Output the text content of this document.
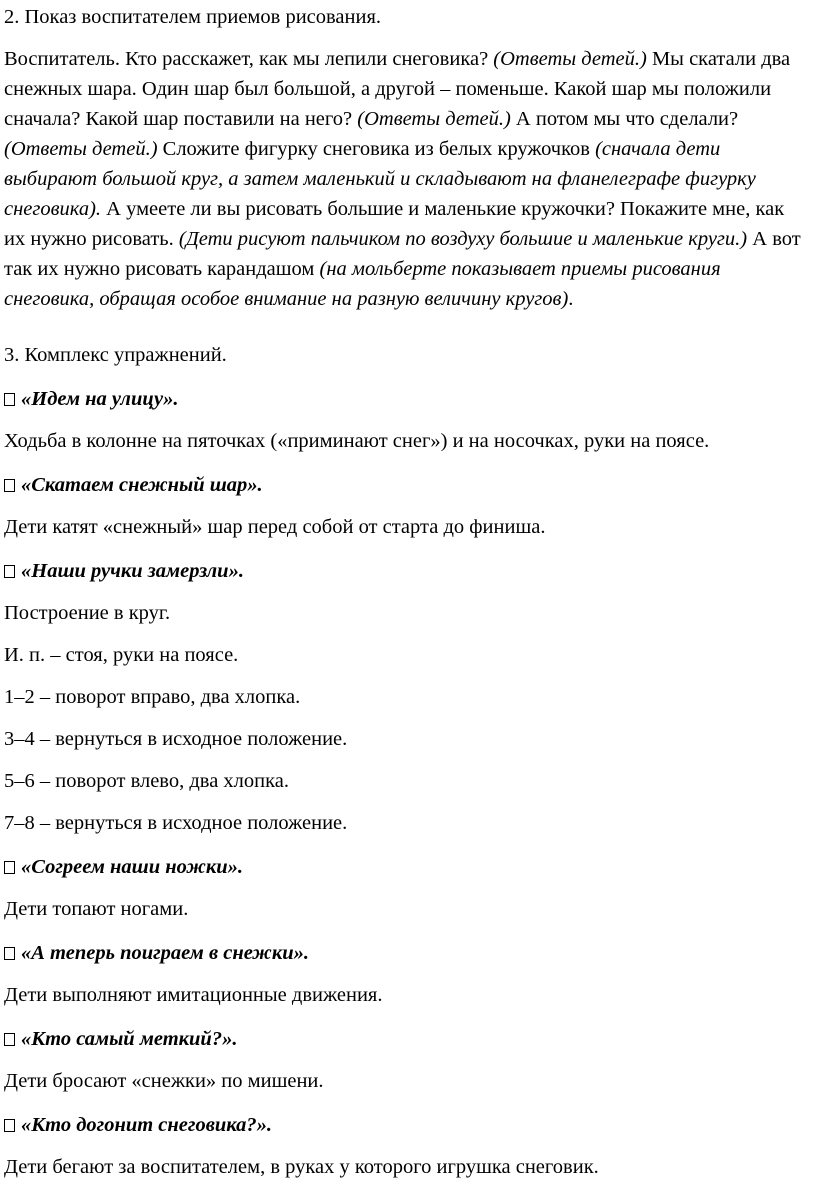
2. Показ воспитателем приемов рисования.

Воспитатель. Кто расскажет, как мы лепили снеговика? (Ответы детей.) Мы скатали два снежных шара. Один шар был большой, а другой – поменьше. Какой шар мы положили сначала? Какой шар поставили на него? (Ответы детей.) А потом мы что сделали? (Ответы детей.) Сложите фигурку снеговика из белых кружочков (сначала дети выбирают большой круг, а затем маленький и складывают на фланелеграфе фигурку снеговика). А умеете ли вы рисовать большие и маленькие кружочки? Покажите мне, как их нужно рисовать. (Дети рисуют пальчиком по воздуху большие и маленькие круги.) А вот так их нужно рисовать карандашом (на мольберте показывает приемы рисования снеговика, обращая особое внимание на разную величину кругов).

3. Комплекс упражнений.

«Идем на улицу».

Ходьба в колонне на пяточках («приминают снег») и на носочках, руки на поясе.

«Скатаем снежный шар».

Дети катят «снежный» шар перед собой от старта до финиша.

«Наши ручки замерзли».

Построение в круг.

И. п. – стоя, руки на поясе.

1–2 – поворот вправо, два хлопка.

3–4 – вернуться в исходное положение.

5–6 – поворот влево, два хлопка.

7–8 – вернуться в исходное положение.

«Согреем наши ножки».

Дети топают ногами.

«А теперь поиграем в снежки».

Дети выполняют имитационные движения.

«Кто самый меткий?».

Дети бросают «снежки» по мишени.

«Кто догонит снеговика?».

Дети бегают за воспитателем, в руках у которого игрушка снеговик.
